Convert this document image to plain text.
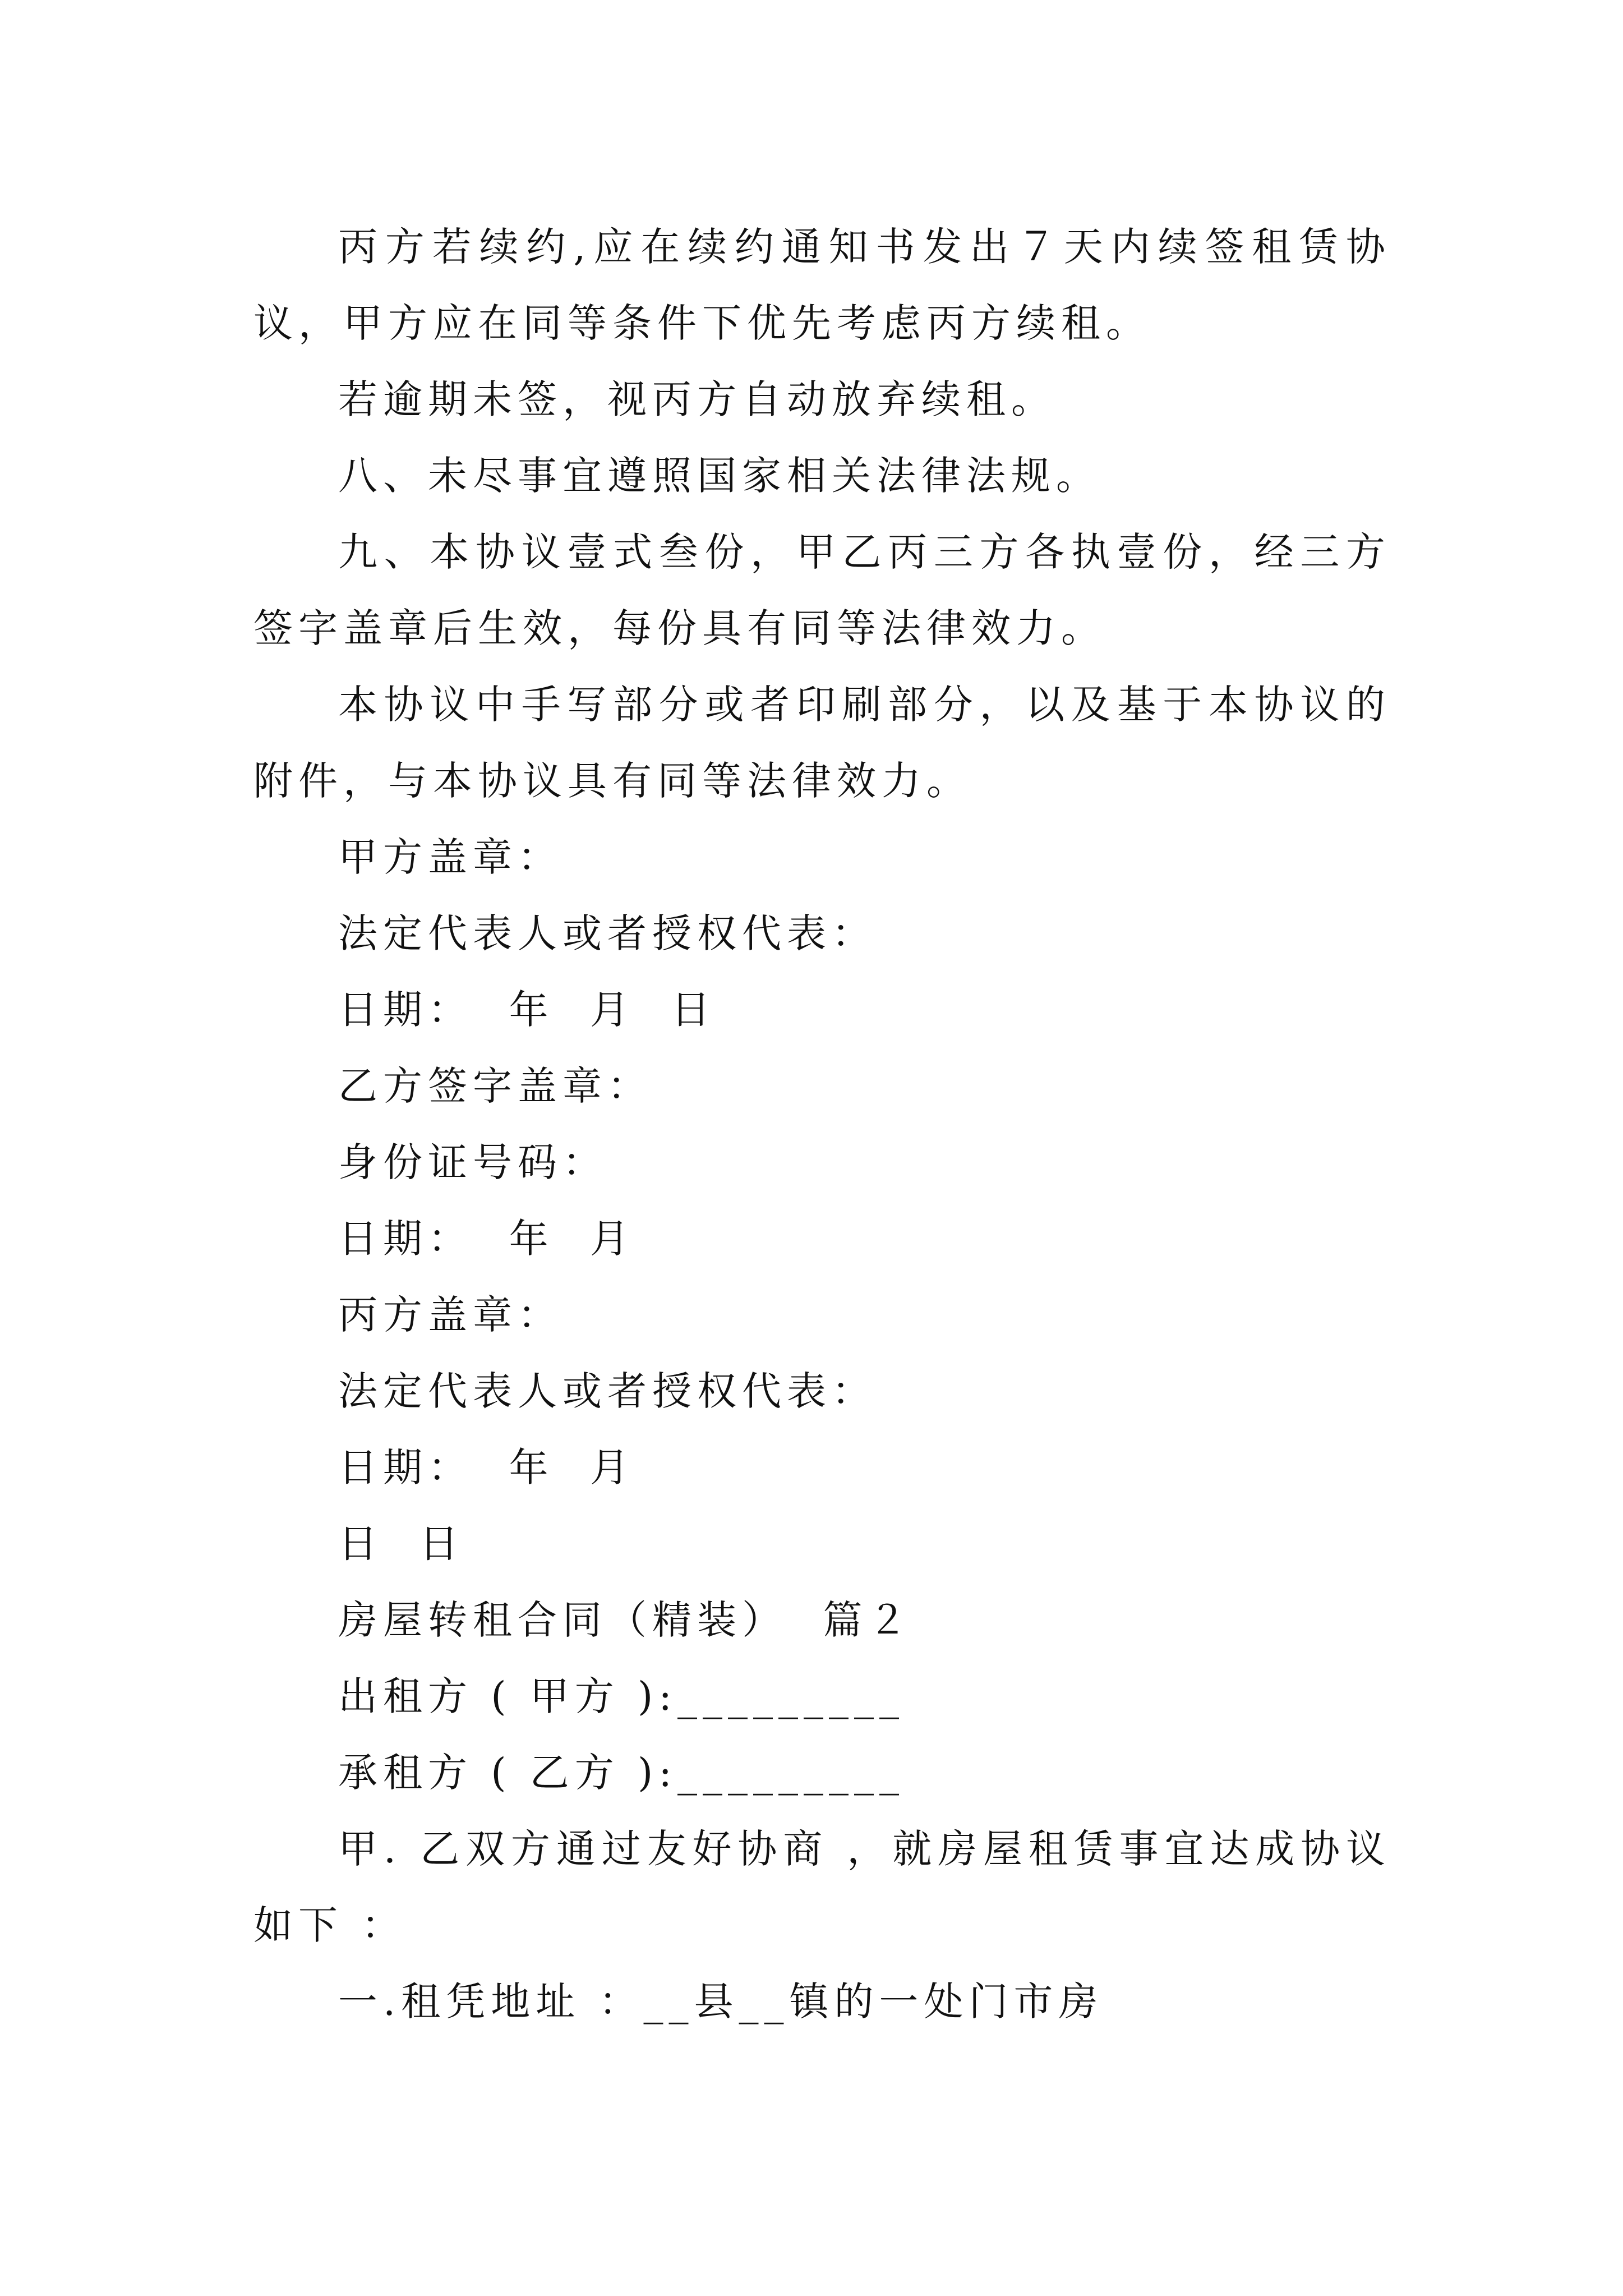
丙方若续约,应在续约通知书发出７天内续签租赁协议，甲方应在同等条件下优先考虑丙方续租。

若逾期未签，视丙方自动放弃续租。

八、未尽事宜遵照国家相关法律法规。

九、本协议壹式叁份，甲乙丙三方各执壹份，经三方签字盖章后生效，每份具有同等法律效力。

本协议中手写部分或者印刷部分，以及基于本协议的附件，与本协议具有同等法律效力。

甲方盖章：

法定代表人或者授权代表：

日期：  年  月  日

乙方签字盖章：

身份证号码：

日期：  年  月

丙方盖章：

法定代表人或者授权代表：

日期：  年  月

日  日

房屋转租合同（精装）  篇２

出租方 ( 甲方 ):_________

承租方 ( 乙方 ):_________

甲. 乙双方通过友好协商 ，就房屋租赁事宜达成协议如下 ：

一.租凭地址 ：__县__镇的一处门市房
